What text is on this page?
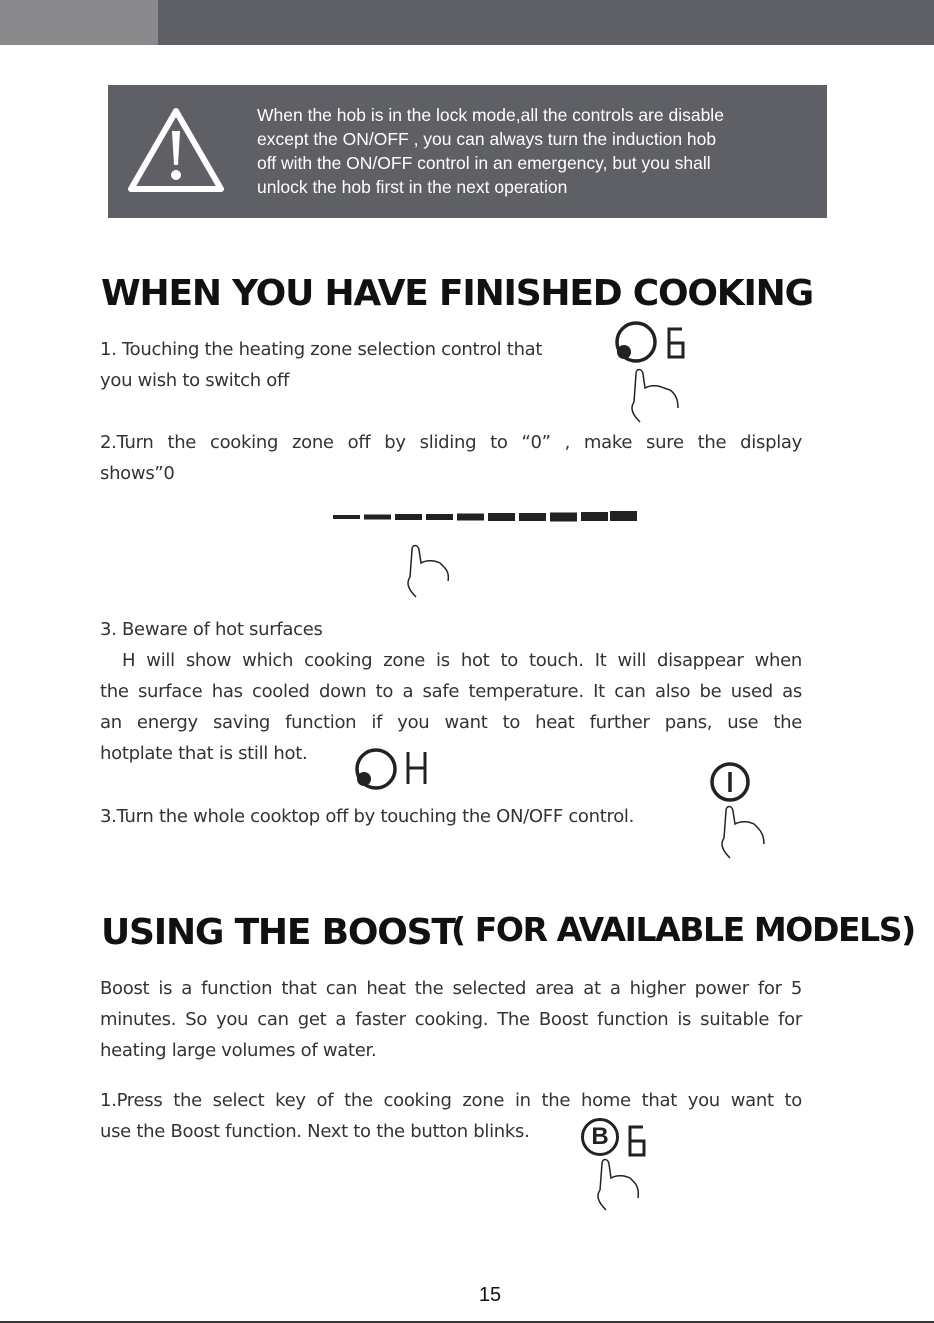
When the hob is in the lock mode,all the controls are disable
except the ON/OFF , you can always turn the induction hob
off with the ON/OFF control in an emergency, but you shall
unlock the hob first in the next operation
WHEN YOU HAVE FINISHED COOKING

1. Touching the heating zone selection control that

you wish to switch off

2.Turn the cooking zone off by sliding to “0” , make sure the display

shows”0

3. Beware of hot surfaces

H will show which cooking zone is hot to touch. It will disappear when

the surface has cooled down to a safe temperature. It can also be used as

an energy saving function if you want to heat further pans, use the

hotplate that is still hot.

3.Turn the whole cooktop off by touching the ON/OFF control.

USING THE BOOST
( FOR AVAILABLE MODELS)

Boost is a function that can heat the selected area at a higher power for 5

minutes. So you can get a faster cooking. The Boost function is suitable for

heating large volumes of water.

1.Press the select key of the cooking zone in the home that you want to

use the Boost function. Next to the button blinks.	B
15
